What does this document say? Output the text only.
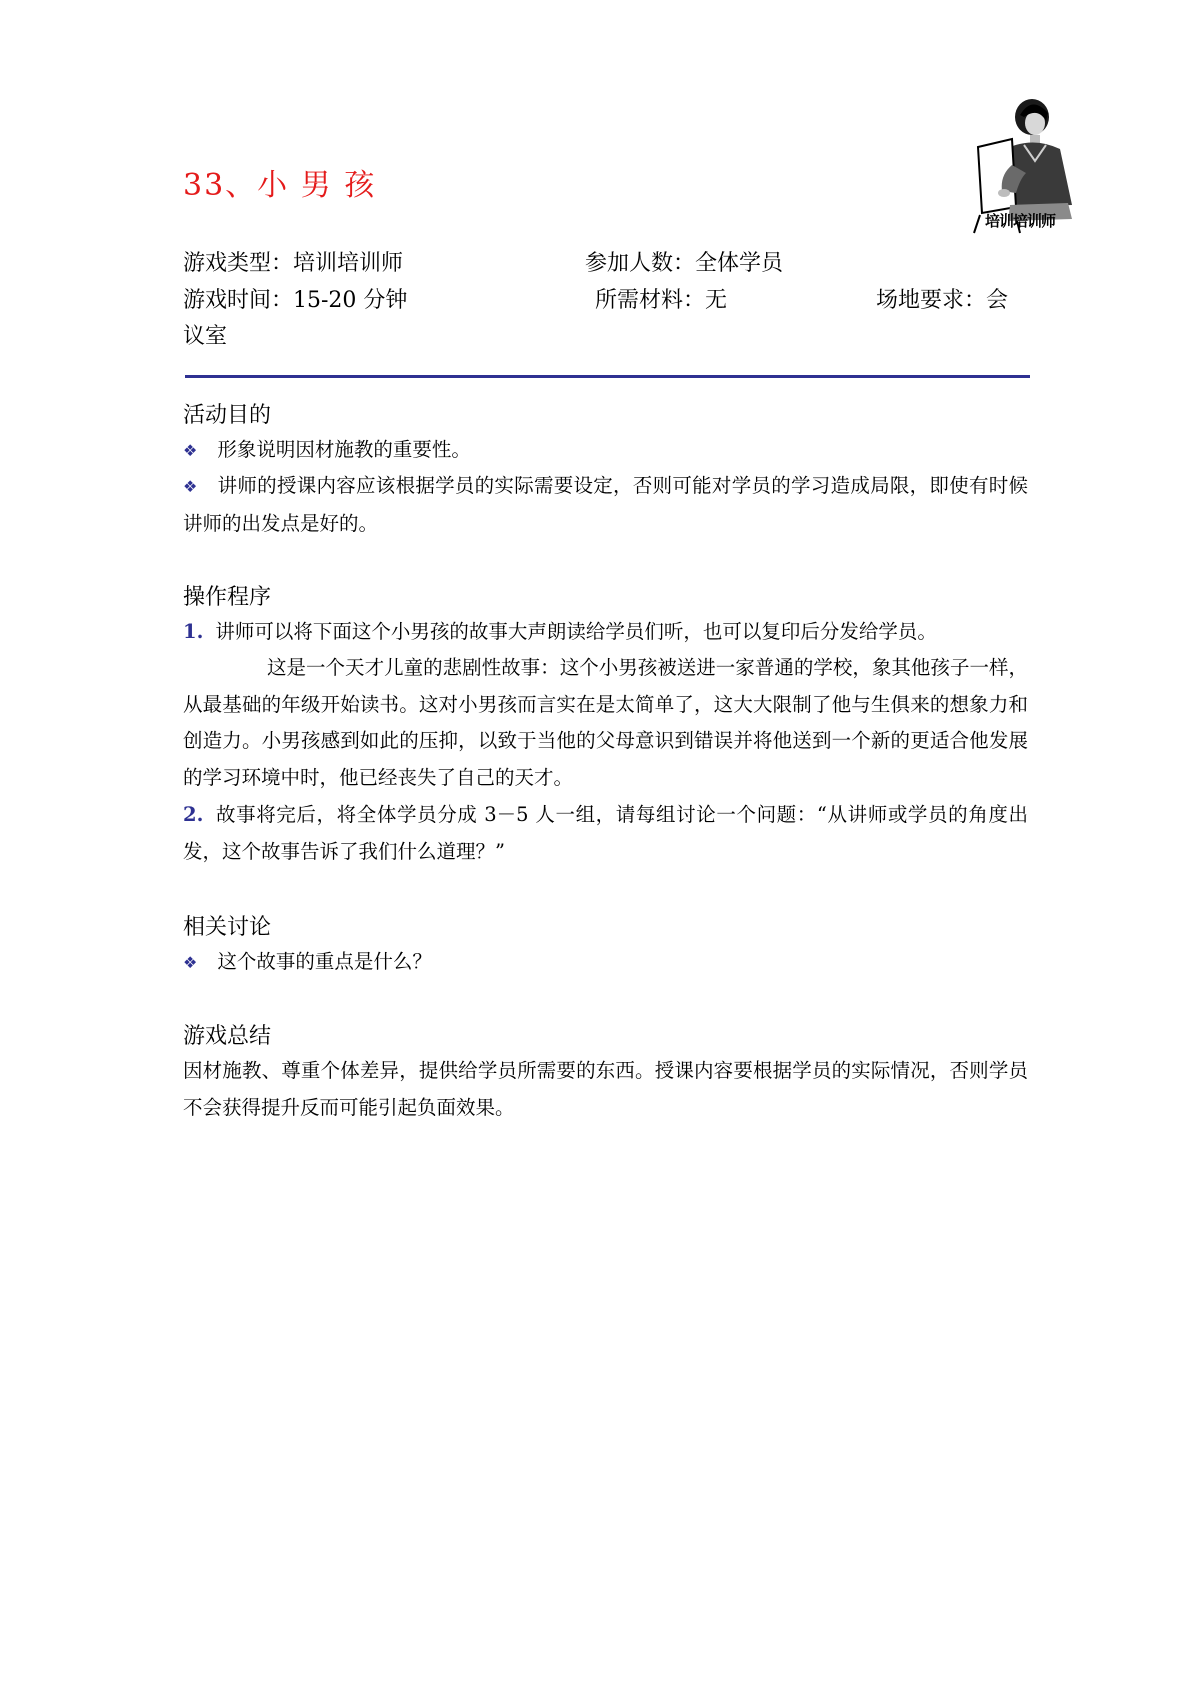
33、小 男 孩
培训培训师
游戏类型：培训培训师	参加人数：全体学员
游戏时间：15-20 分钟	所需材料：无	场地要求：会
议室
活动目的
❖ 形象说明因材施教的重要性。
❖ 讲师的授课内容应该根据学员的实际需要设定，否则可能对学员的学习造成局限，即使有时候讲师的出发点是好的。
操作程序
1. 讲师可以将下面这个小男孩的故事大声朗读给学员们听，也可以复印后分发给学员。
这是一个天才儿童的悲剧性故事：这个小男孩被送进一家普通的学校，象其他孩子一样，从最基础的年级开始读书。这对小男孩而言实在是太简单了，这大大限制了他与生俱来的想象力和创造力。小男孩感到如此的压抑，以致于当他的父母意识到错误并将他送到一个新的更适合他发展的学习环境中时，他已经丧失了自己的天才。
2. 故事将完后，将全体学员分成 3－5 人一组，请每组讨论一个问题：“从讲师或学员的角度出发，这个故事告诉了我们什么道理？”
相关讨论
❖ 这个故事的重点是什么？
游戏总结
因材施教、尊重个体差异，提供给学员所需要的东西。授课内容要根据学员的实际情况，否则学员不会获得提升反而可能引起负面效果。
